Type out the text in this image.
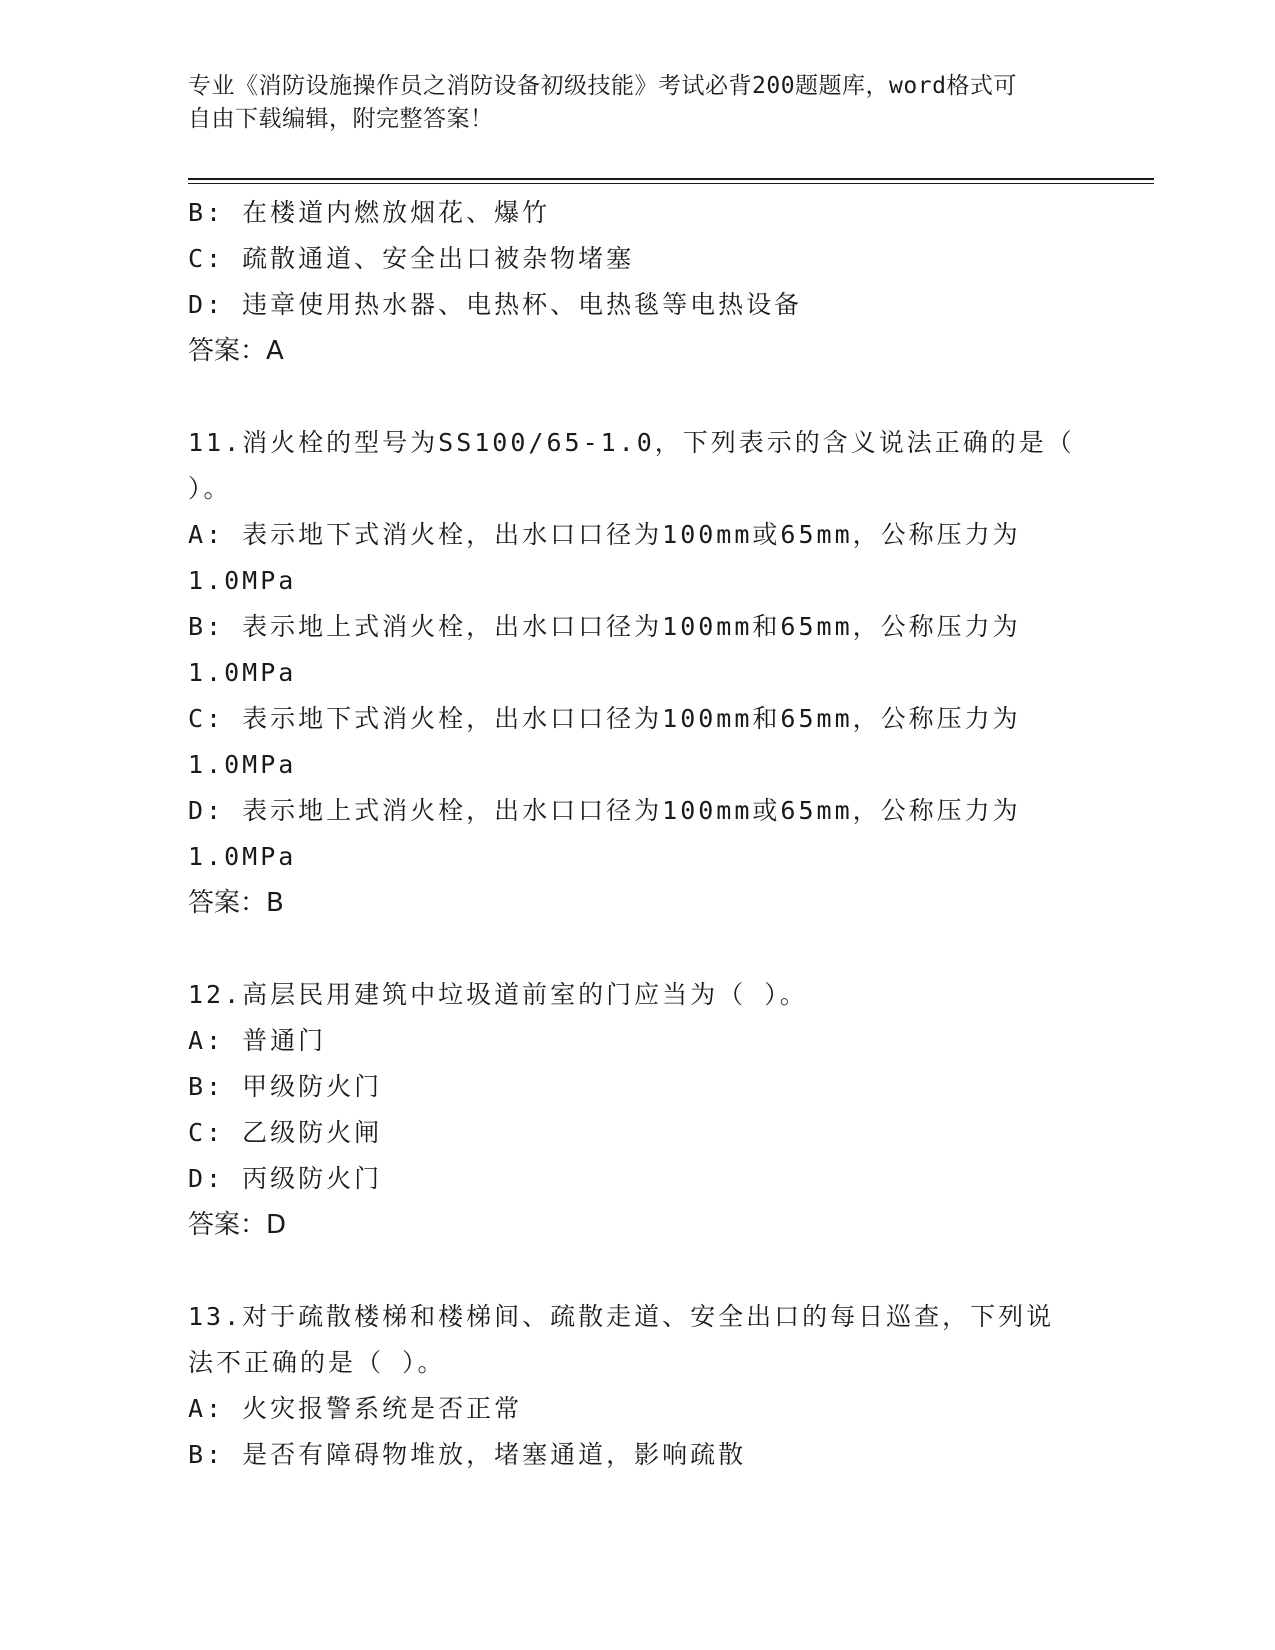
专业《消防设施操作员之消防设备初级技能》考试必背200题题库，word格式可
自由下载编辑，附完整答案！
B: 在楼道内燃放烟花、爆竹
C: 疏散通道、安全出口被杂物堵塞
D: 违章使用热水器、电热杯、电热毯等电热设备
答案：A
11.消火栓的型号为SS100/65-1.0，下列表示的含义说法正确的是（
）。
A: 表示地下式消火栓，出水口口径为100mm或65mm，公称压力为
1.0MPa
B: 表示地上式消火栓，出水口口径为100mm和65mm，公称压力为
1.0MPa
C: 表示地下式消火栓，出水口口径为100mm和65mm，公称压力为
1.0MPa
D: 表示地上式消火栓，出水口口径为100mm或65mm，公称压力为
1.0MPa
答案：B
12.高层民用建筑中垃圾道前室的门应当为（ ）。
A: 普通门
B: 甲级防火门
C: 乙级防火闸
D: 丙级防火门
答案：D
13.对于疏散楼梯和楼梯间、疏散走道、安全出口的每日巡查，下列说
法不正确的是（ ）。
A: 火灾报警系统是否正常
B: 是否有障碍物堆放，堵塞通道，影响疏散
